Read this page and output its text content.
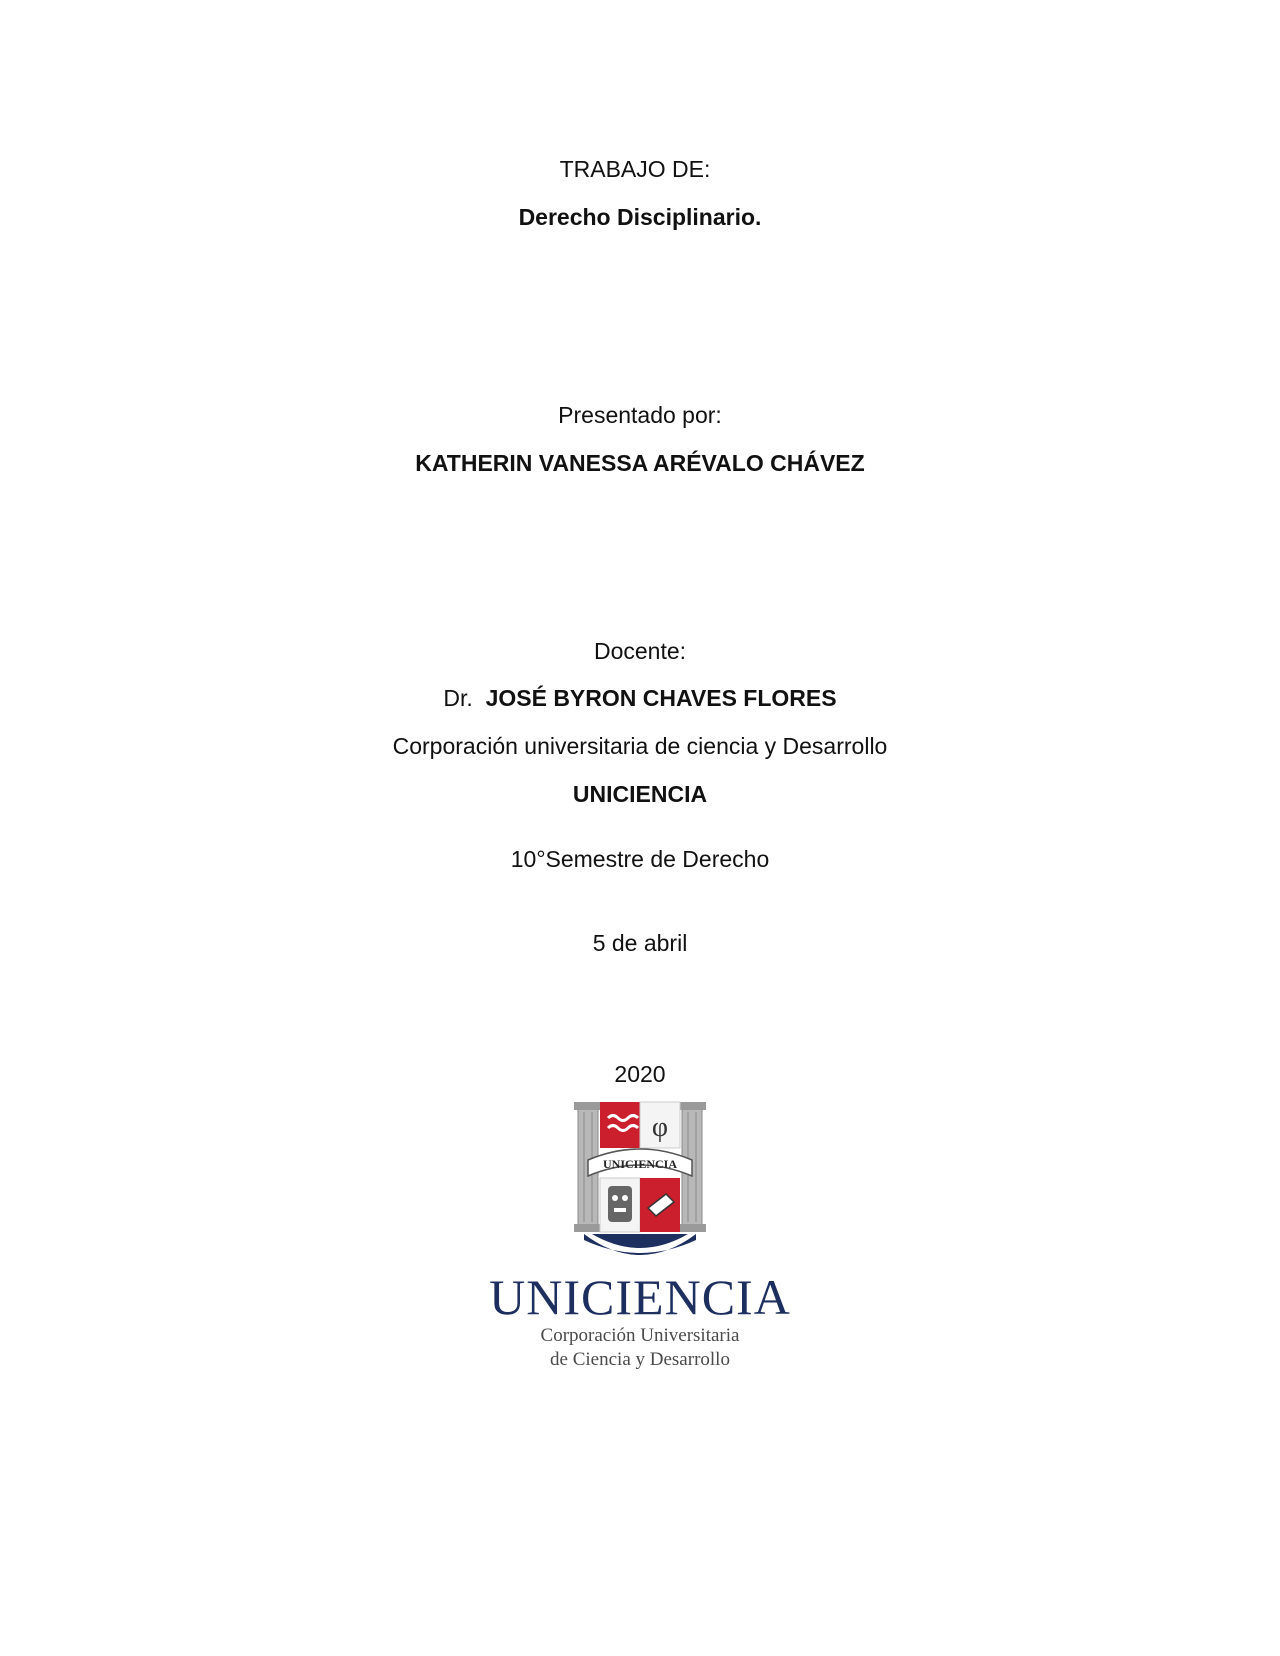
TRABAJO DE:
Derecho Disciplinario.
Presentado por:
KATHERIN VANESSA ARÉVALO CHÁVEZ
Docente:
Dr. JOSÉ BYRON CHAVES FLORES
Corporación universitaria de ciencia y Desarrollo
UNICIENCIA
10°Semestre de Derecho
5 de abril
2020
φ
UNICIENCIA
UNICIENCIA
Corporación Universitaria
de Ciencia y Desarrollo
